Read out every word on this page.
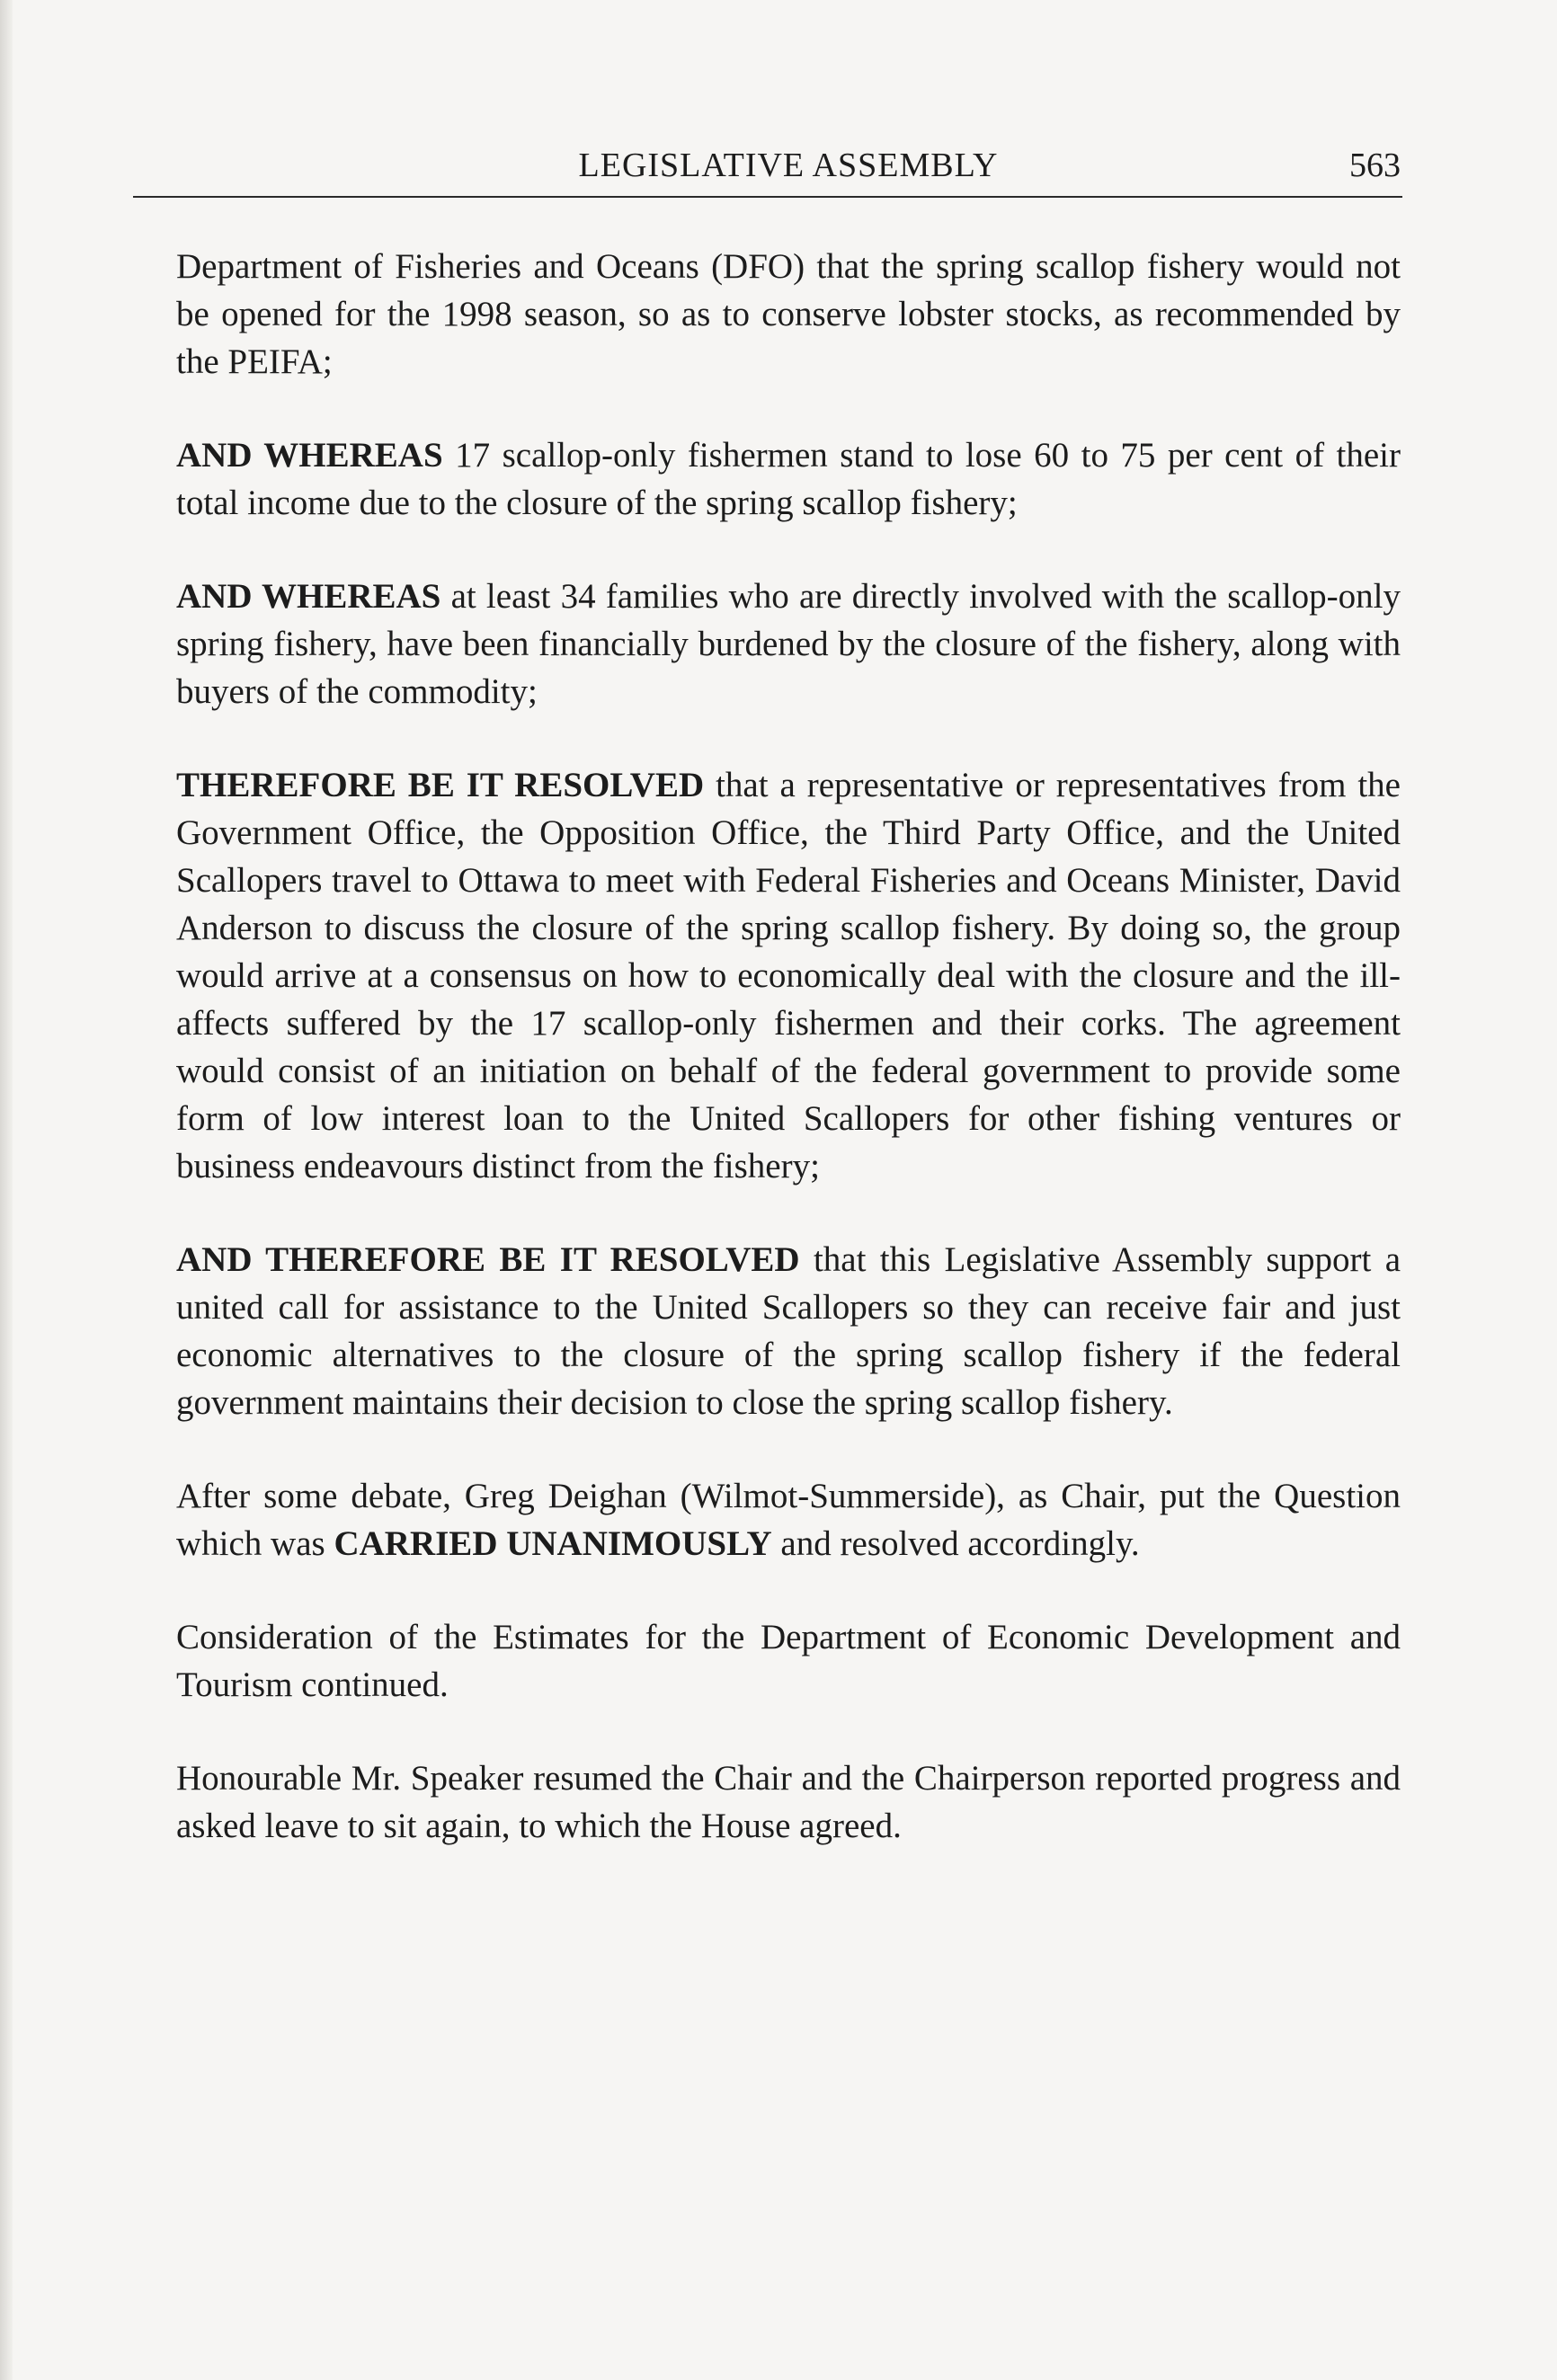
LEGISLATIVE ASSEMBLY	563

Department of Fisheries and Oceans (DFO) that the spring scallop fishery would not be opened for the 1998 season, so as to conserve lobster stocks, as recommended by the PEIFA;

AND WHEREAS 17 scallop-only fishermen stand to lose 60 to 75 per cent of their total income due to the closure of the spring scallop fishery;

AND WHEREAS at least 34 families who are directly involved with the scallop-only spring fishery, have been financially burdened by the closure of the fishery, along with buyers of the commodity;

THEREFORE BE IT RESOLVED that a representative or representatives from the Government Office, the Opposition Office, the Third Party Office, and the United Scallopers travel to Ottawa to meet with Federal Fisheries and Oceans Minister, David Anderson to discuss the closure of the spring scallop fishery. By doing so, the group would arrive at a consensus on how to economically deal with the closure and the ill-affects suffered by the 17 scallop-only fishermen and their corks. The agreement would consist of an initiation on behalf of the federal government to provide some form of low interest loan to the United Scallopers for other fishing ventures or business endeavours distinct from the fishery;

AND THEREFORE BE IT RESOLVED that this Legislative Assembly support a united call for assistance to the United Scallopers so they can receive fair and just economic alternatives to the closure of the spring scallop fishery if the federal government maintains their decision to close the spring scallop fishery.

After some debate, Greg Deighan (Wilmot-Summerside), as Chair, put the Question which was CARRIED UNANIMOUSLY and resolved accordingly.

Consideration of the Estimates for the Department of Economic Development and Tourism continued.

Honourable Mr. Speaker resumed the Chair and the Chairperson reported progress and asked leave to sit again, to which the House agreed.
